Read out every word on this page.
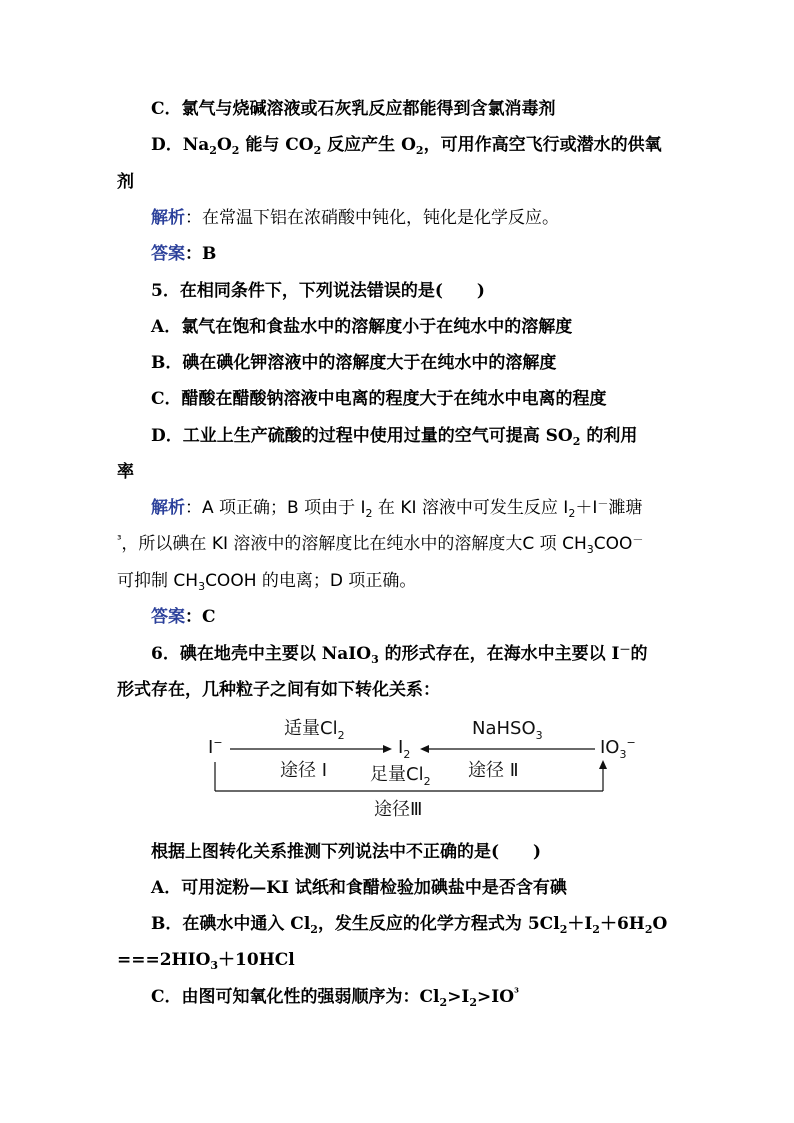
C．氯气与烧碱溶液或石灰乳反应都能得到含氯消毒剂
D．$Na_2O_2$ 能与 $CO_2$ 反应产生 $O_2$，可用作高空飞行或潜水的供氧
剂
解析：在常温下铝在浓硝酸中钝化，钝化是化学反应。
答案：B
5．在相同条件下，下列说法错误的是(　　)
A．氯气在饱和食盐水中的溶解度小于在纯水中的溶解度
B．碘在碘化钾溶液中的溶解度大于在纯水中的溶解度
C．醋酸在醋酸钠溶液中电离的程度大于在纯水中电离的程度
D．工业上生产硫酸的过程中使用过量的空气可提高 $SO_2$ 的利用
率
解析：A 项正确；B 项由于 $I_2$ 在 KI 溶液中可发生反应 $I_2+I^-$濉瑭
$^{^3}$，所以碘在 KI 溶液中的溶解度比在纯水中的溶解度大C 项 $CH_3COO^-$
可抑制 $CH_3COOH$ 的电离；D 项正确。
答案：C
6．碘在地壳中主要以 NaIO$_3$ 的形式存在，在海水中主要以 I－的
形式存在，几种粒子之间有如下转化关系：
I−	$I_2$	$IO_3^-$
适量$Cl_2$
途径 Ⅰ
NaHSO$_3$
途径 Ⅱ
足量$Cl_2$
途径Ⅲ
根据上图转化关系推测下列说法中不正确的是(　　)
A．可用淀粉—KI 试纸和食醋检验加碘盐中是否含有碘
B．在碘水中通入 $Cl_2$，发生反应的化学方程式为 $5Cl_2+I_2+6H_2O$
$===2HIO_3+10HCl$
C．由图可知氧化性的强弱顺序为：$Cl_2>I_2>IO^{^3}$
